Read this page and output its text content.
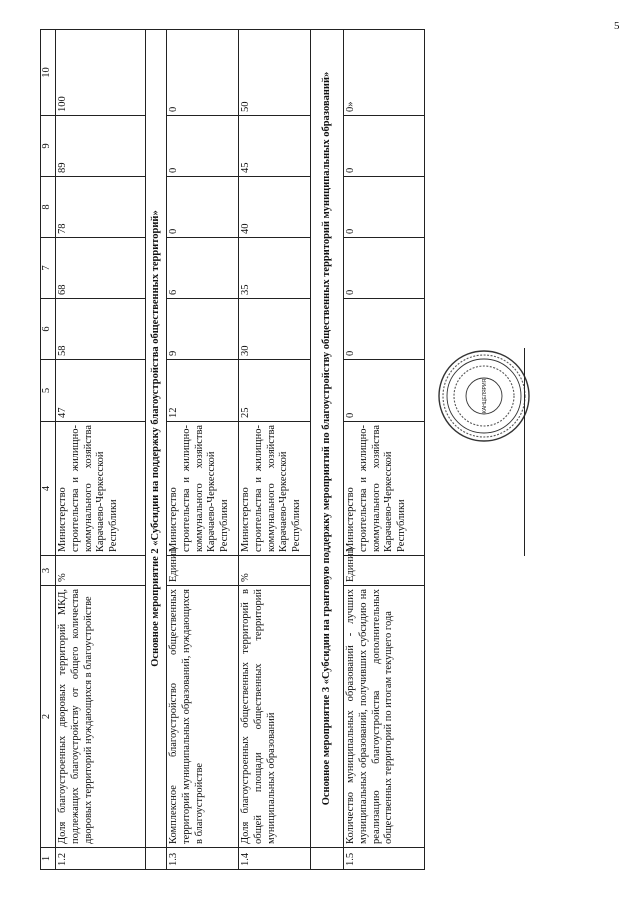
5
1	2	3	4	5	6	7	8	9	10
1.2	Доля благоустроенных дворовых территорий МКД, подлежащих благоустройству от общего количества дворовых территорий нуждающихся в благоустройстве	%	Министерство строительства и жилищно-коммунального хозяйства Карачаево-Черкесской Республики	47	58	68	78	89	100
	Основное мероприятие 2 «Субсидии на поддержку благоустройства общественных территорий»								
1.3	Комплексное благоустройство общественных территорий муниципальных образований, нуждающихся в благоустройстве	Единиц	Министерство строительства и жилищно-коммунального хозяйства Карачаево-Черкесской Республики	12	9	6	0	0	0
1.4	Доля благоустроенных общественных территорий в общей площади общественных территорий муниципальных образований	%	Министерство строительства и жилищно-коммунального хозяйства Карачаево-Черкесской Республики	25	30	35	40	45	50
	Основное мероприятие 3 «Субсидии на грантовую поддержку мероприятий по благоустройству общественных территорий муниципальных образований»								
1.5	Количество муниципальных образований - лучших муниципальных образований, получивших субсидию на реализацию благоустройства дополнительных общественных территорий по итогам текущего года	Единиц	Министерство строительства и жилищно-коммунального хозяйства Карачаево-Черкесской Республики	0	0	0	0	0	0»
КАНЦЕЛЯРИЯ
